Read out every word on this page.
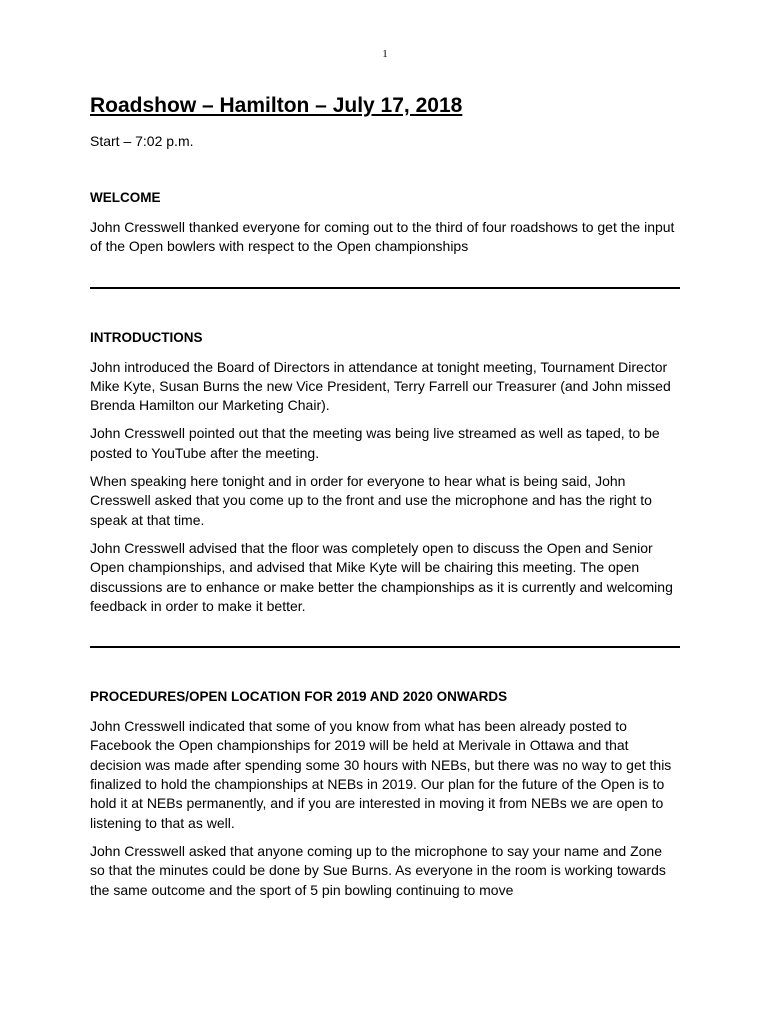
1
Roadshow – Hamilton – July 17, 2018

Start – 7:02 p.m.

WELCOME

John Cresswell thanked everyone for coming out to the third of four roadshows to get the input of the Open bowlers with respect to the Open championships

INTRODUCTIONS

John introduced the Board of Directors in attendance at tonight meeting, Tournament Director Mike Kyte, Susan Burns the new Vice President, Terry Farrell our Treasurer (and John missed Brenda Hamilton our Marketing Chair).

John Cresswell pointed out that the meeting was being live streamed as well as taped, to be posted to YouTube after the meeting.

When speaking here tonight and in order for everyone to hear what is being said, John Cresswell asked that you come up to the front and use the microphone and has the right to speak at that time.

John Cresswell advised that the floor was completely open to discuss the Open and Senior Open championships, and advised that Mike Kyte will be chairing this meeting. The open discussions are to enhance or make better the championships as it is currently and welcoming feedback in order to make it better.

PROCEDURES/OPEN LOCATION FOR 2019 AND 2020 ONWARDS

John Cresswell indicated that some of you know from what has been already posted to Facebook the Open championships for 2019 will be held at Merivale in Ottawa and that decision was made after spending some 30 hours with NEBs, but there was no way to get this finalized to hold the championships at NEBs in 2019. Our plan for the future of the Open is to hold it at NEBs permanently, and if you are interested in moving it from NEBs we are open to listening to that as well.

John Cresswell asked that anyone coming up to the microphone to say your name and Zone so that the minutes could be done by Sue Burns. As everyone in the room is working towards the same outcome and the sport of 5 pin bowling continuing to move
